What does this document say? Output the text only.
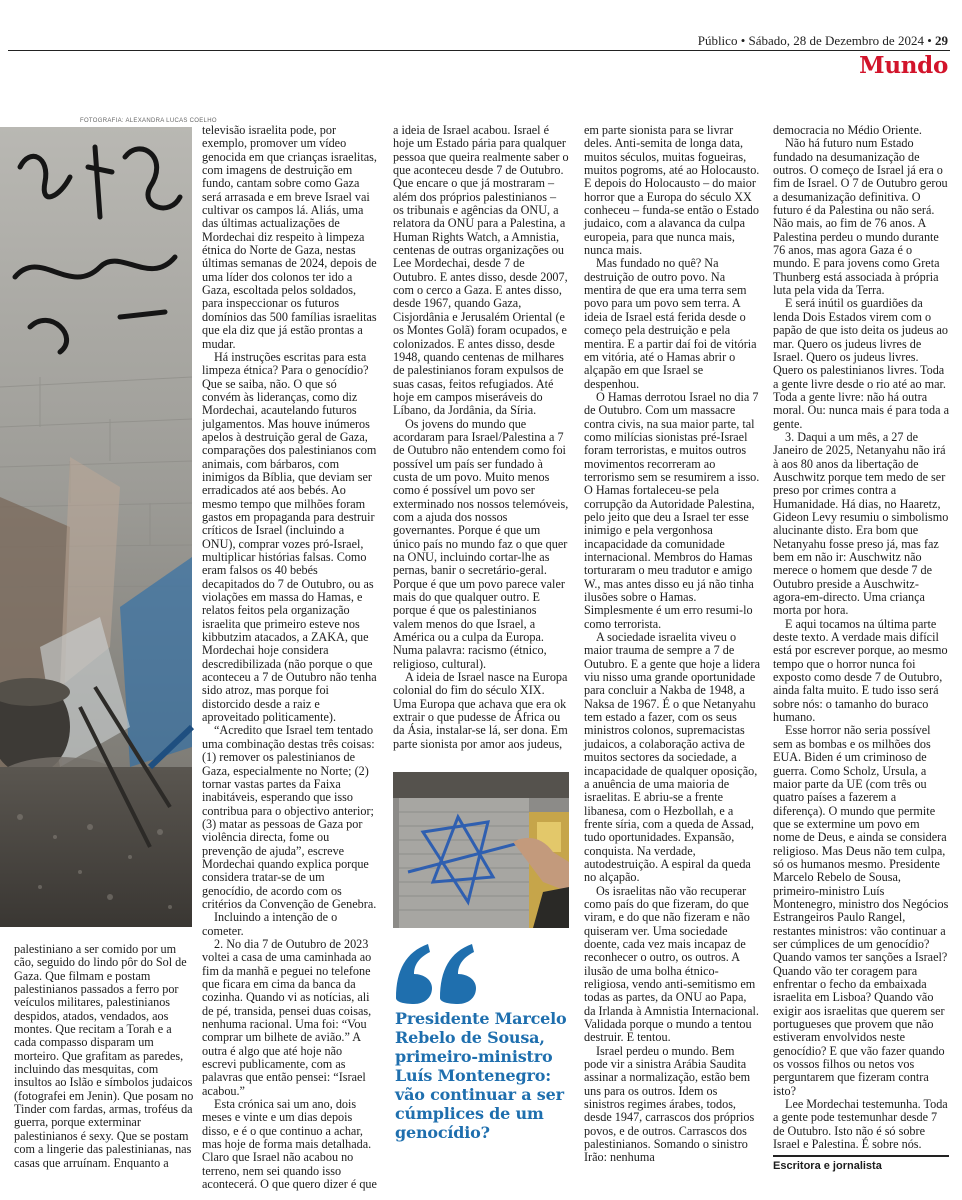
Público • Sábado, 28 de Dezembro de 2024 • 29
Mundo
FOTOGRAFIA: ALEXANDRA LUCAS COELHO

palestiniano a ser comido por um cão, seguido do lindo pôr do Sol de Gaza. Que filmam e postam palestinianos passados a ferro por veículos militares, palestinianos despidos, atados, vendados, aos montes. Que recitam a Torah e a cada compasso disparam um morteiro. Que grafitam as paredes, incluindo das mesquitas, com insultos ao Islão e símbolos judaicos (fotografei em Jenin). Que posam no Tinder com fardas, armas, troféus da guerra, porque exterminar palestinianos é sexy. Que se postam com a lingerie das palestinianas, nas casas que arruínam. Enquanto a

televisão israelita pode, por exemplo, promover um vídeo genocida em que crianças israelitas, com imagens de destruição em fundo, cantam sobre como Gaza será arrasada e em breve Israel vai cultivar os campos lá. Aliás, uma das últimas actualizações de Mordechai diz respeito à limpeza étnica do Norte de Gaza, nestas últimas semanas de 2024, depois de uma líder dos colonos ter ido a Gaza, escoltada pelos soldados, para inspeccionar os futuros domínios das 500 famílias israelitas que ela diz que já estão prontas a mudar.

Há instruções escritas para esta limpeza étnica? Para o genocídio? Que se saiba, não. O que só convém às lideranças, como diz Mordechai, acautelando futuros julgamentos. Mas houve inúmeros apelos à destruição geral de Gaza, comparações dos palestinianos com animais, com bárbaros, com inimigos da Bíblia, que deviam ser erradicados até aos bebés. Ao mesmo tempo que milhões foram gastos em propaganda para destruir críticos de Israel (incluindo a ONU), comprar vozes pró-Israel, multiplicar histórias falsas. Como eram falsos os 40 bebés decapitados do 7 de Outubro, ou as violações em massa do Hamas, e relatos feitos pela organização israelita que primeiro esteve nos kibbutzim atacados, a ZAKA, que Mordechai hoje considera descredibilizada (não porque o que aconteceu a 7 de Outubro não tenha sido atroz, mas porque foi distorcido desde a raiz e aproveitado politicamente).

“Acredito que Israel tem tentado uma combinação destas três coisas: (1) remover os palestinianos de Gaza, especialmente no Norte; (2) tornar vastas partes da Faixa inabitáveis, esperando que isso contribua para o objectivo anterior; (3) matar as pessoas de Gaza por violência directa, fome ou prevenção de ajuda”, escreve Mordechai quando explica porque considera tratar-se de um genocídio, de acordo com os critérios da Convenção de Genebra.

Incluindo a intenção de o cometer.

2. No dia 7 de Outubro de 2023 voltei a casa de uma caminhada ao fim da manhã e peguei no telefone que ficara em cima da banca da cozinha. Quando vi as notícias, ali de pé, transida, pensei duas coisas, nenhuma racional. Uma foi: “Vou comprar um bilhete de avião.” A outra é algo que até hoje não escrevi publicamente, com as palavras que então pensei: “Israel acabou.”

Esta crónica sai um ano, dois meses e vinte e um dias depois disso, e é o que continuo a achar, mas hoje de forma mais detalhada. Claro que Israel não acabou no terreno, nem sei quando isso acontecerá. O que quero dizer é que

a ideia de Israel acabou. Israel é hoje um Estado pária para qualquer pessoa que queira realmente saber o que aconteceu desde 7 de Outubro. Que encare o que já mostraram – além dos próprios palestinianos – os tribunais e agências da ONU, a relatora da ONU para a Palestina, a Human Rights Watch, a Amnistia, centenas de outras organizações ou Lee Mordechai, desde 7 de Outubro. E antes disso, desde 2007, com o cerco a Gaza. E antes disso, desde 1967, quando Gaza, Cisjordânia e Jerusalém Oriental (e os Montes Golã) foram ocupados, e colonizados. E antes disso, desde 1948, quando centenas de milhares de palestinianos foram expulsos de suas casas, feitos refugiados. Até hoje em campos miseráveis do Líbano, da Jordânia, da Síria.

Os jovens do mundo que acordaram para Israel/Palestina a 7 de Outubro não entendem como foi possível um país ser fundado à custa de um povo. Muito menos como é possível um povo ser exterminado nos nossos telemóveis, com a ajuda dos nossos governantes. Porque é que um único país no mundo faz o que quer na ONU, incluindo cortar-lhe as pernas, banir o secretário-geral. Porque é que um povo parece valer mais do que qualquer outro. E porque é que os palestinianos valem menos do que Israel, a América ou a culpa da Europa. Numa palavra: racismo (étnico, religioso, cultural).

A ideia de Israel nasce na Europa colonial do fim do século XIX. Uma Europa que achava que era ok extrair o que pudesse de África ou da Ásia, instalar-se lá, ser dona. Em parte sionista por amor aos judeus,

Presidente Marcelo Rebelo de Sousa, primeiro-ministro Luís Montenegro: vão continuar a ser cúmplices de um genocídio?

em parte sionista para se livrar deles. Anti-semita de longa data, muitos séculos, muitas fogueiras, muitos pogroms, até ao Holocausto. E depois do Holocausto – do maior horror que a Europa do século XX conheceu – funda-se então o Estado judaico, com a alavanca da culpa europeia, para que nunca mais, nunca mais.

Mas fundado no quê? Na destruição de outro povo. Na mentira de que era uma terra sem povo para um povo sem terra. A ideia de Israel está ferida desde o começo pela destruição e pela mentira. E a partir daí foi de vitória em vitória, até o Hamas abrir o alçapão em que Israel se despenhou.

O Hamas derrotou Israel no dia 7 de Outubro. Com um massacre contra civis, na sua maior parte, tal como milícias sionistas pré-Israel foram terroristas, e muitos outros movimentos recorreram ao terrorismo sem se resumirem a isso. O Hamas fortaleceu-se pela corrupção da Autoridade Palestina, pelo jeito que deu a Israel ter esse inimigo e pela vergonhosa incapacidade da comunidade internacional. Membros do Hamas torturaram o meu tradutor e amigo W., mas antes disso eu já não tinha ilusões sobre o Hamas. Simplesmente é um erro resumi-lo como terrorista.

A sociedade israelita viveu o maior trauma de sempre a 7 de Outubro. E a gente que hoje a lidera viu nisso uma grande oportunidade para concluir a Nakba de 1948, a Naksa de 1967. É o que Netanyahu tem estado a fazer, com os seus ministros colonos, supremacistas judaicos, a colaboração activa de muitos sectores da sociedade, a incapacidade de qualquer oposição, a anuência de uma maioria de israelitas. E abriu-se a frente libanesa, com o Hezbollah, e a frente síria, com a queda de Assad, tudo oportunidades. Expansão, conquista. Na verdade, autodestruição. A espiral da queda no alçapão.

Os israelitas não vão recuperar como país do que fizeram, do que viram, e do que não fizeram e não quiseram ver. Uma sociedade doente, cada vez mais incapaz de reconhecer o outro, os outros. A ilusão de uma bolha étnico-religiosa, vendo anti-semitismo em todas as partes, da ONU ao Papa, da Irlanda à Amnistia Internacional. Validada porque o mundo a tentou destruir. E tentou.

Israel perdeu o mundo. Bem pode vir a sinistra Arábia Saudita assinar a normalização, estão bem uns para os outros. Idem os sinistros regimes árabes, todos, desde 1947, carrascos dos próprios povos, e de outros. Carrascos dos palestinianos. Somando o sinistro Irão: nenhuma

democracia no Médio Oriente.

Não há futuro num Estado fundado na desumanização de outros. O começo de Israel já era o fim de Israel. O 7 de Outubro gerou a desumanização definitiva. O futuro é da Palestina ou não será. Não mais, ao fim de 76 anos. A Palestina perdeu o mundo durante 76 anos, mas agora Gaza é o mundo. E para jovens como Greta Thunberg está associada à própria luta pela vida da Terra.

E será inútil os guardiões da lenda Dois Estados virem com o papão de que isto deita os judeus ao mar. Quero os judeus livres de Israel. Quero os judeus livres. Quero os palestinianos livres. Toda a gente livre desde o rio até ao mar. Toda a gente livre: não há outra moral. Ou: nunca mais é para toda a gente.

3. Daqui a um mês, a 27 de Janeiro de 2025, Netanyahu não irá à aos 80 anos da libertação de Auschwitz porque tem medo de ser preso por crimes contra a Humanidade. Há dias, no Haaretz, Gideon Levy resumiu o simbolismo alucinante disto. Era bom que Netanyahu fosse preso já, mas faz bem em não ir: Auschwitz não merece o homem que desde 7 de Outubro preside a Auschwitz-agora-em-directo. Uma criança morta por hora.

E aqui tocamos na última parte deste texto. A verdade mais difícil está por escrever porque, ao mesmo tempo que o horror nunca foi exposto como desde 7 de Outubro, ainda falta muito. E tudo isso será sobre nós: o tamanho do buraco humano.

Esse horror não seria possível sem as bombas e os milhões dos EUA. Biden é um criminoso de guerra. Como Scholz, Ursula, a maior parte da UE (com três ou quatro países a fazerem a diferença). O mundo que permite que se extermine um povo em nome de Deus, e ainda se considera religioso. Mas Deus não tem culpa, só os humanos mesmo. Presidente Marcelo Rebelo de Sousa, primeiro-ministro Luís Montenegro, ministro dos Negócios Estrangeiros Paulo Rangel, restantes ministros: vão continuar a ser cúmplices de um genocídio? Quando vamos ter sanções a Israel? Quando vão ter coragem para enfrentar o fecho da embaixada israelita em Lisboa? Quando vão exigir aos israelitas que querem ser portugueses que provem que não estiveram envolvidos neste genocídio? E que vão fazer quando os vossos filhos ou netos vos perguntarem que fizeram contra isto?

Lee Mordechai testemunha. Toda a gente pode testemunhar desde 7 de Outubro. Isto não é só sobre Israel e Palestina. É sobre nós.

Escritora e jornalista
